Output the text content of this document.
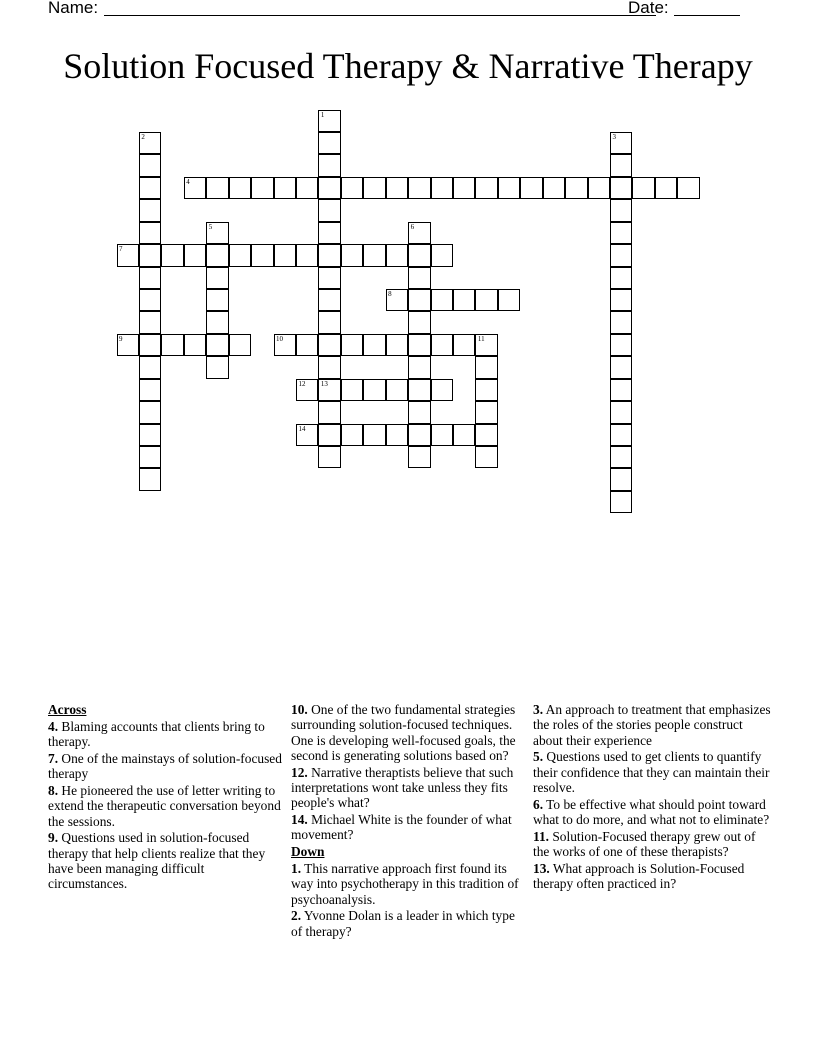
Name:	Date:
Solution Focused Therapy & Narrative Therapy
1
2	3
4
5	6
7
8
9	10	11
12 13
14
Across
4. Blaming accounts that clients bring to therapy.
7. One of the mainstays of solution-focused therapy
8. He pioneered the use of letter writing to extend the therapeutic conversation beyond the sessions.
9. Questions used in solution-focused therapy that help clients realize that they have been managing difficult circumstances.
10. One of the two fundamental strategies surrounding solution-focused techniques. One is developing well-focused goals, the second is generating solutions based on?
12. Narrative theraptists believe that such interpretations wont take unless they fits people's what?
14. Michael White is the founder of what movement?
Down
1. This narrative approach first found its way into psychotherapy in this tradition of psychoanalysis.
2. Yvonne Dolan is a leader in which type of therapy?
3. An approach to treatment that emphasizes the roles of the stories people construct about their experience
5. Questions used to get clients to quantify their confidence that they can maintain their resolve.
6. To be effective what should point toward what to do more, and what not to eliminate?
11. Solution-Focused therapy grew out of the works of one of these therapists?
13. What approach is Solution-Focused therapy often practiced in?
